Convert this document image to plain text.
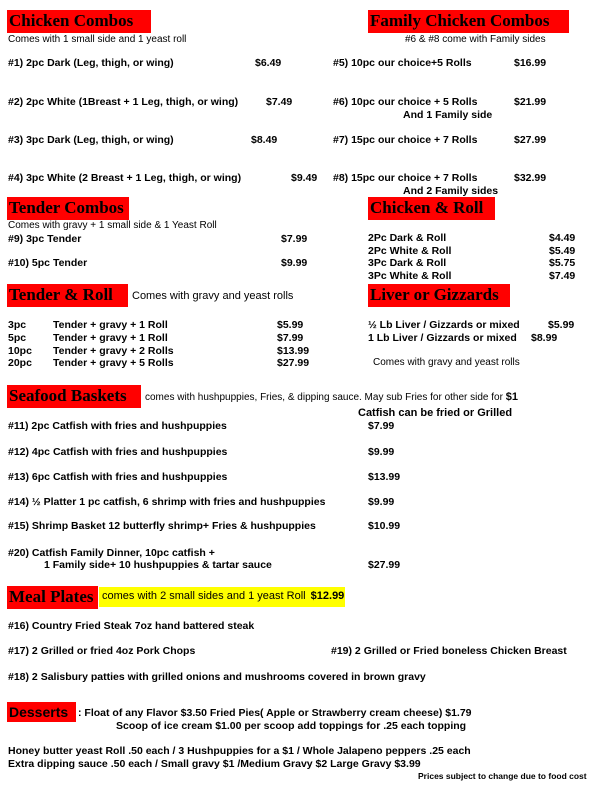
Chicken Combos
Comes with 1 small side and 1 yeast roll
#1) 2pc Dark (Leg, thigh, or wing)	$6.49
#2) 2pc White (1Breast + 1 Leg, thigh, or wing)	$7.49
#3) 3pc Dark (Leg, thigh, or wing)	$8.49
#4) 3pc White (2 Breast + 1 Leg, thigh, or wing)	$9.49
Family Chicken Combos
#6 & #8 come with Family sides
#5) 10pc our choice+5 Rolls	$16.99
#6) 10pc our choice + 5 Rolls	$21.99
And 1 Family side
#7) 15pc our choice + 7 Rolls	$27.99
#8) 15pc our choice + 7 Rolls	$32.99
And 2 Family sides
Tender Combos
Comes with gravy + 1 small side & 1 Yeast Roll
#9) 3pc Tender	$7.99
#10) 5pc Tender	$9.99
Chicken & Roll
2Pc Dark & Roll	$4.49
2Pc White & Roll	$5.49
3Pc Dark & Roll	$5.75
3Pc White & Roll	$7.49
Tender & Roll	Comes with gravy and yeast rolls
3pc	Tender + gravy + 1 Roll	$5.99
5pc	Tender + gravy + 1 Roll	$7.99
10pc Tender + gravy + 2 Rolls	$13.99
20pc Tender + gravy + 5 Rolls	$27.99
Liver or Gizzards
½ Lb Liver / Gizzards or mixed	$5.99
1 Lb Liver / Gizzards or mixed $8.99
Comes with gravy and yeast rolls
Seafood Baskets	comes with hushpuppies, Fries, & dipping sauce. May sub Fries for other side for $1
Catfish can be fried or Grilled
#11) 2pc Catfish with fries and hushpuppies	$7.99
#12) 4pc Catfish with fries and hushpuppies	$9.99
#13) 6pc Catfish with fries and hushpuppies	$13.99
#14) ½ Platter 1 pc catfish, 6 shrimp with fries and hushpuppies	$9.99
#15) Shrimp Basket 12 butterfly shrimp+ Fries & hushpuppies	$10.99
#20) Catfish Family Dinner, 10pc catfish +
1 Family side+ 10 hushpuppies & tartar sauce	$27.99
Meal Plates comes with 2 small sides and 1 yeast Roll $12.99
#16) Country Fried Steak 7oz hand battered steak
#17) 2 Grilled or fried 4oz Pork Chops	#19) 2 Grilled or Fried boneless Chicken Breast
#18) 2 Salisbury patties with grilled onions and mushrooms covered in brown gravy
Desserts : Float of any Flavor $3.50 Fried Pies( Apple or Strawberry cream cheese) $1.79
Scoop of ice cream $1.00 per scoop add toppings for .25 each topping
Honey butter yeast Roll .50 each / 3 Hushpuppies for a $1 / Whole Jalapeno peppers .25 each
Extra dipping sauce .50 each / Small gravy $1 /Medium Gravy $2 Large Gravy $3.99
Prices subject to change due to food cost
